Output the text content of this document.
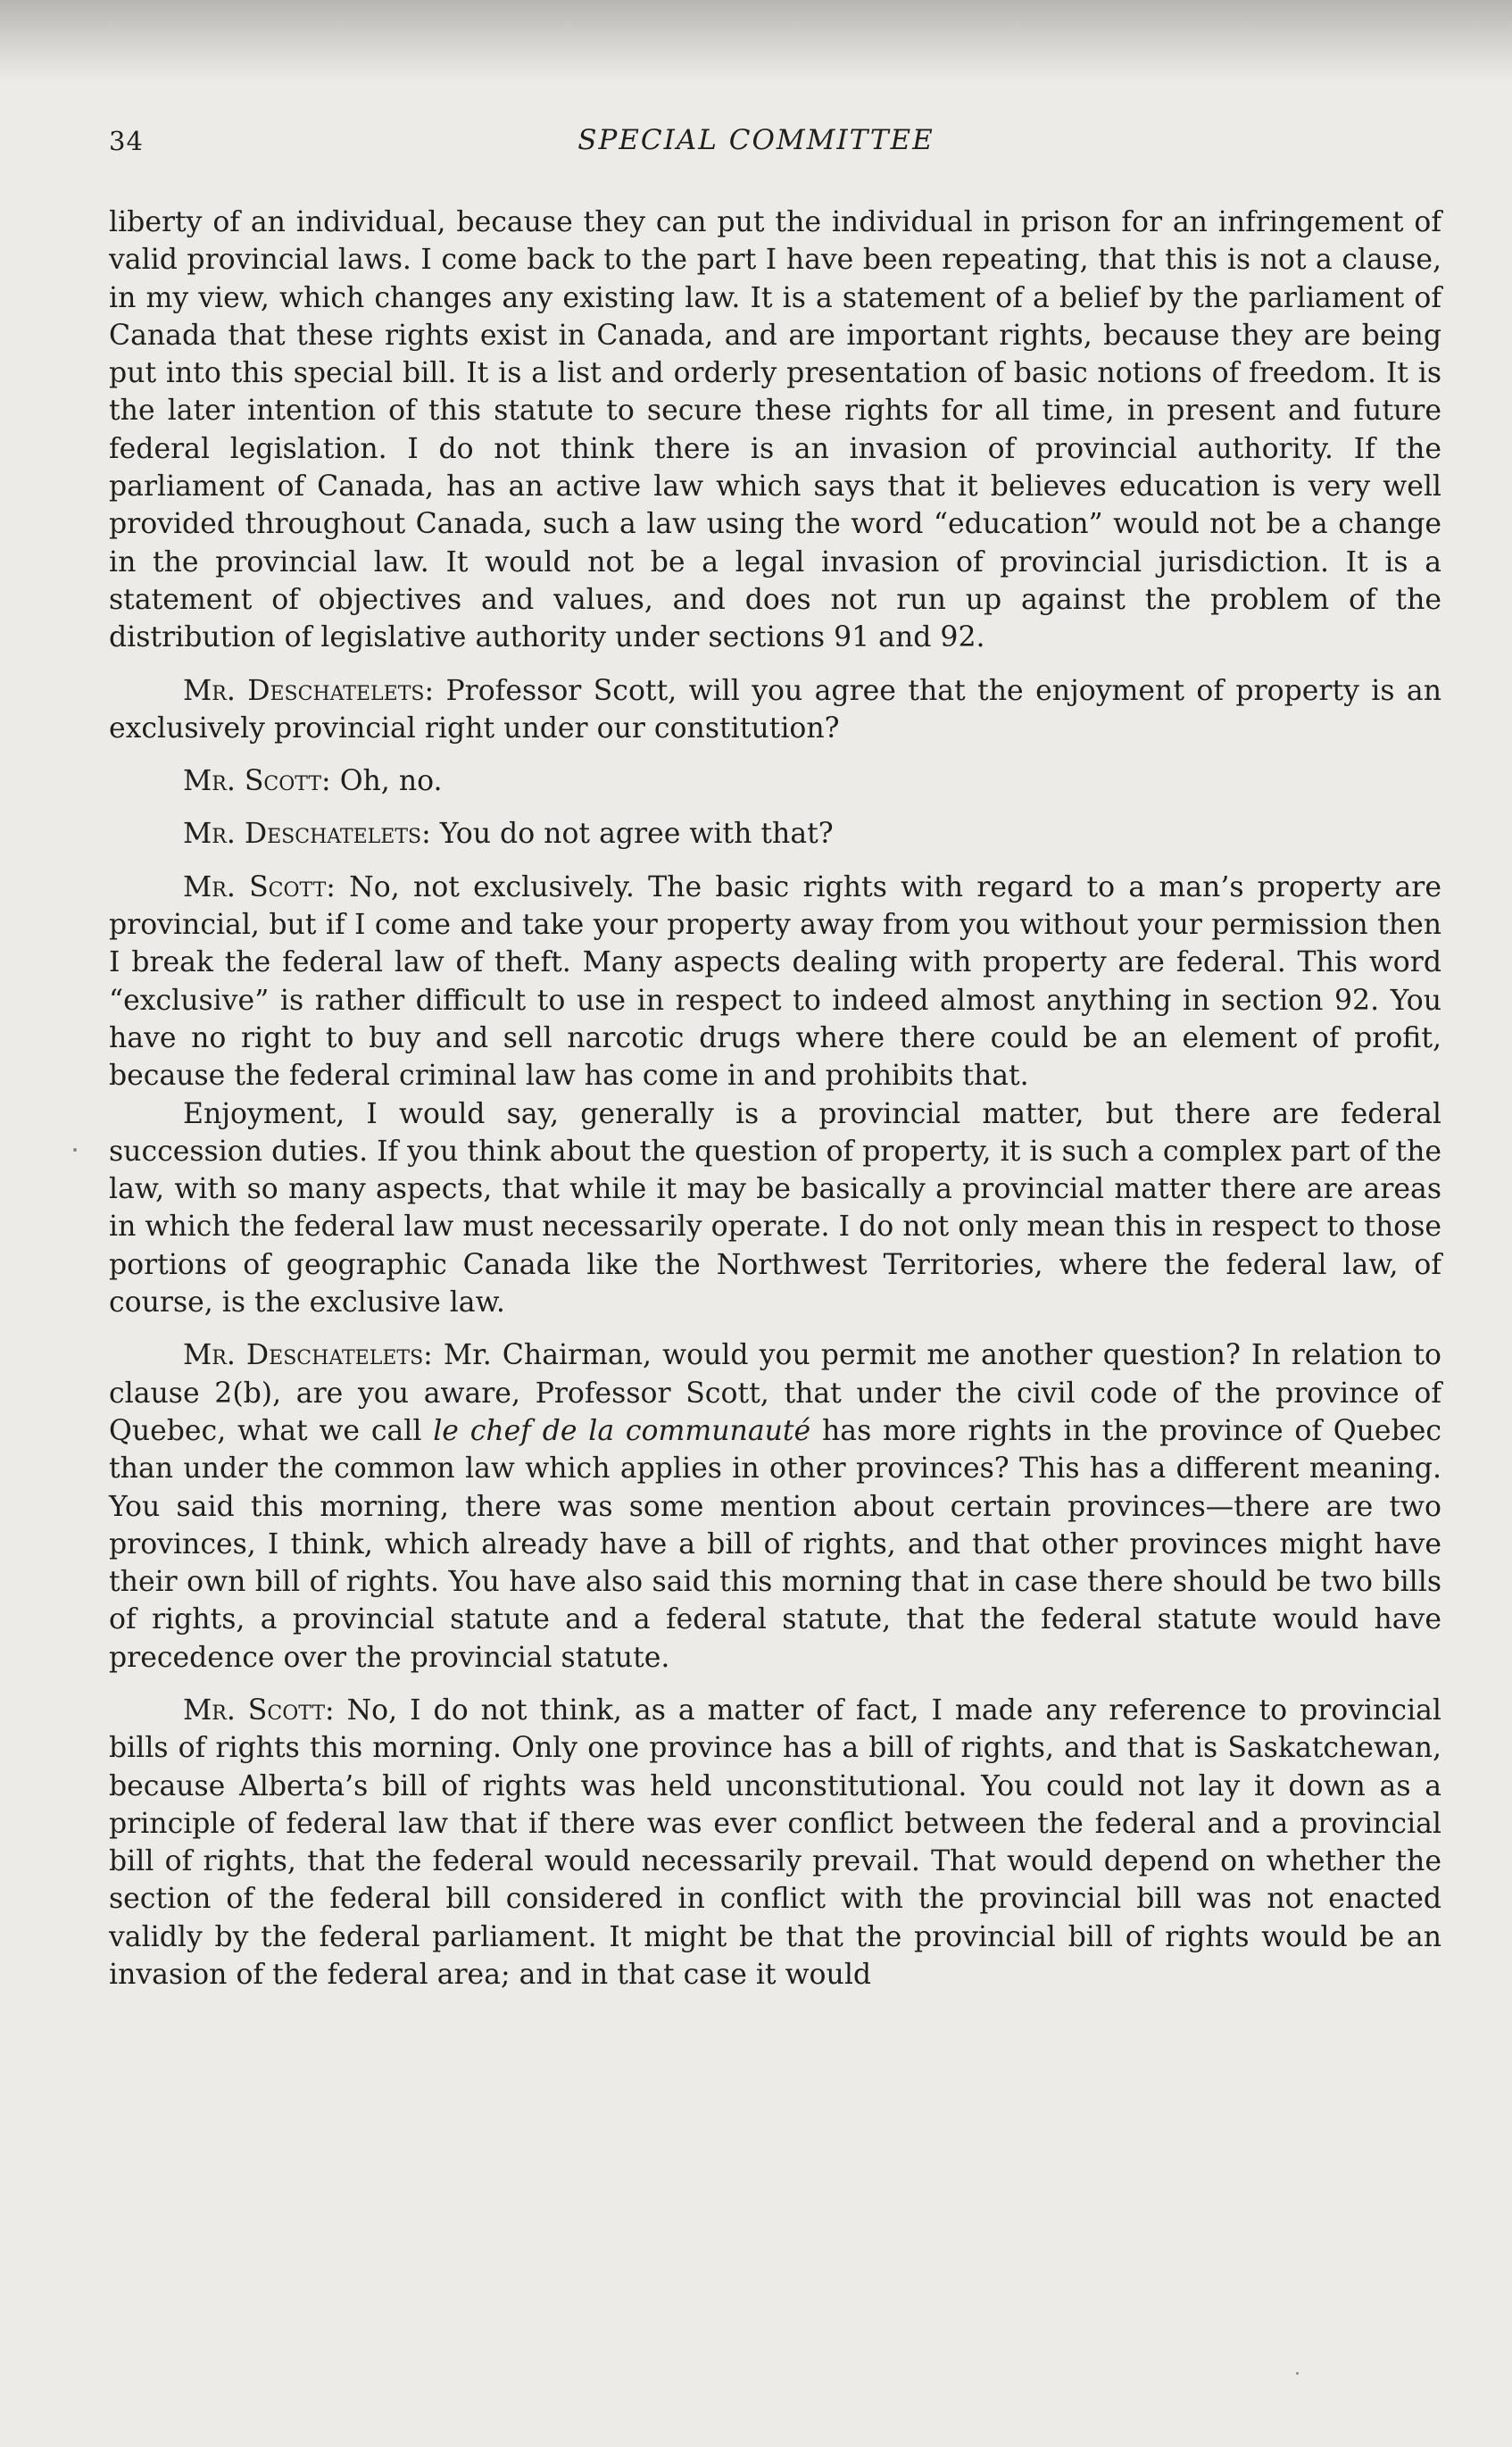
34	SPECIAL COMMITTEE

liberty of an individual, because they can put the individual in prison for an infringement of valid provincial laws. I come back to the part I have been repeating, that this is not a clause, in my view, which changes any existing law. It is a statement of a belief by the parliament of Canada that these rights exist in Canada, and are important rights, because they are being put into this special bill. It is a list and orderly presentation of basic notions of freedom. It is the later intention of this statute to secure these rights for all time, in present and future federal legislation. I do not think there is an invasion of provincial authority. If the parliament of Canada, has an active law which says that it believes education is very well provided throughout Canada, such a law using the word “education” would not be a change in the provincial law. It would not be a legal invasion of provincial jurisdiction. It is a statement of objectives and values, and does not run up against the problem of the distribution of legislative authority under sections 91 and 92.

Mr. Deschatelets: Professor Scott, will you agree that the enjoyment of property is an exclusively provincial right under our constitution?

Mr. Scott: Oh, no.

Mr. Deschatelets: You do not agree with that?

Mr. Scott: No, not exclusively. The basic rights with regard to a man’s property are provincial, but if I come and take your property away from you without your permission then I break the federal law of theft. Many aspects dealing with property are federal. This word “exclusive” is rather difficult to use in respect to indeed almost anything in section 92. You have no right to buy and sell narcotic drugs where there could be an element of profit, because the federal criminal law has come in and prohibits that.

Enjoyment, I would say, generally is a provincial matter, but there are federal succession duties. If you think about the question of property, it is such a complex part of the law, with so many aspects, that while it may be basically a provincial matter there are areas in which the federal law must necessarily operate. I do not only mean this in respect to those portions of geographic Canada like the Northwest Territories, where the federal law, of course, is the exclusive law.

Mr. Deschatelets: Mr. Chairman, would you permit me another question? In relation to clause 2(b), are you aware, Professor Scott, that under the civil code of the province of Quebec, what we call le chef de la communauté has more rights in the province of Quebec than under the common law which applies in other provinces? This has a different meaning. You said this morning, there was some mention about certain provinces—there are two provinces, I think, which already have a bill of rights, and that other provinces might have their own bill of rights. You have also said this morning that in case there should be two bills of rights, a provincial statute and a federal statute, that the federal statute would have precedence over the provincial statute.

Mr. Scott: No, I do not think, as a matter of fact, I made any reference to provincial bills of rights this morning. Only one province has a bill of rights, and that is Saskatchewan, because Alberta’s bill of rights was held unconstitutional. You could not lay it down as a principle of federal law that if there was ever conflict between the federal and a provincial bill of rights, that the federal would necessarily prevail. That would depend on whether the section of the federal bill considered in conflict with the provincial bill was not enacted validly by the federal parliament. It might be that the provincial bill of rights would be an invasion of the federal area; and in that case it would
